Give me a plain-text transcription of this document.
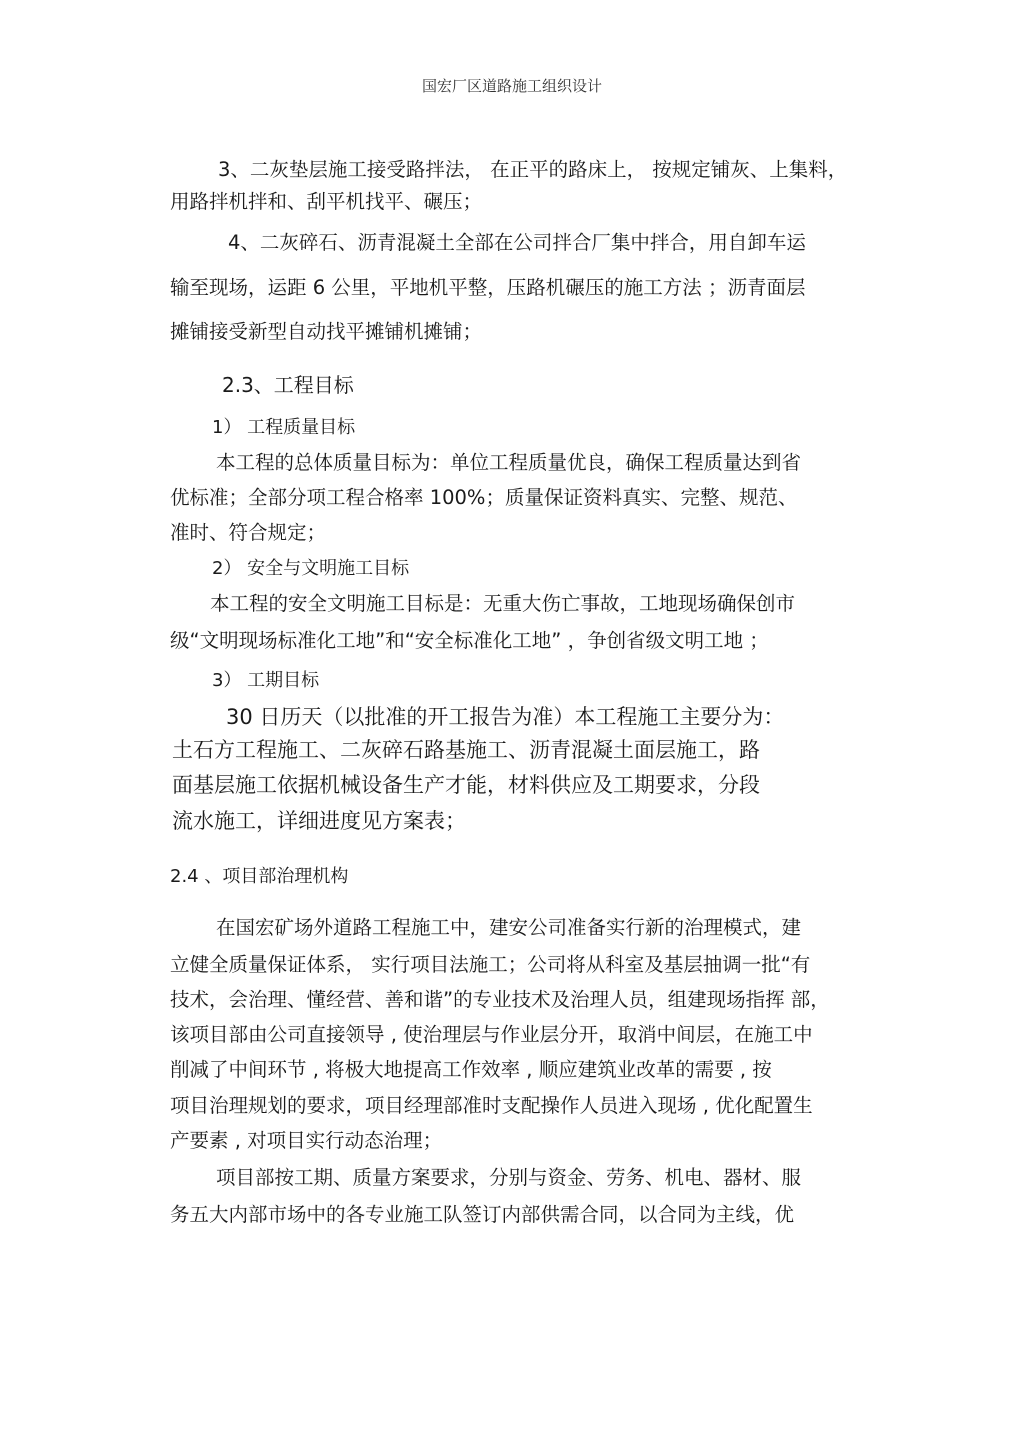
国宏厂区道路施工组织设计
3、二灰垫层施工接受路拌法， 在正平的路床上， 按规定铺灰、上集料，
用路拌机拌和、刮平机找平、碾压；
4、二灰碎石、沥青混凝土全部在公司拌合厂集中拌合，用自卸车运
输至现场，运距 6 公里，平地机平整，压路机碾压的施工方法 ；沥青面层
摊铺接受新型自动找平摊铺机摊铺；
2.3、工程目标
1） 工程质量目标
本工程的总体质量目标为：单位工程质量优良，确保工程质量达到省
优标准；全部分项工程合格率 100%；质量保证资料真实、完整、规范、
准时、符合规定；
2） 安全与文明施工目标
本工程的安全文明施工目标是：无重大伤亡事故，工地现场确保创市
级“文明现场标准化工地”和“安全标准化工地” ，争创省级文明工地 ；
3） 工期目标
30 日历天（以批准的开工报告为准）本工程施工主要分为：
土石方工程施工、二灰碎石路基施工、沥青混凝土面层施工，路
面基层施工依据机械设备生产才能，材料供应及工期要求，分段
流水施工，详细进度见方案表；
2.4 、项目部治理机构
在国宏矿场外道路工程施工中，建安公司准备实行新的治理模式，建
立健全质量保证体系， 实行项目法施工；公司将从科室及基层抽调一批“有
技术，会治理、懂经营、善和谐”的专业技术及治理人员，组建现场指挥 部，
该项目部由公司直接领导 , 使治理层与作业层分开，取消中间层，在施工中
削减了中间环节 , 将极大地提高工作效率 , 顺应建筑业改革的需要 , 按
项目治理规划的要求，项目经理部准时支配操作人员进入现场 , 优化配置生
产要素 , 对项目实行动态治理；
项目部按工期、质量方案要求，分别与资金、劳务、机电、器材、服
务五大内部市场中的各专业施工队签订内部供需合同，以合同为主线，优
